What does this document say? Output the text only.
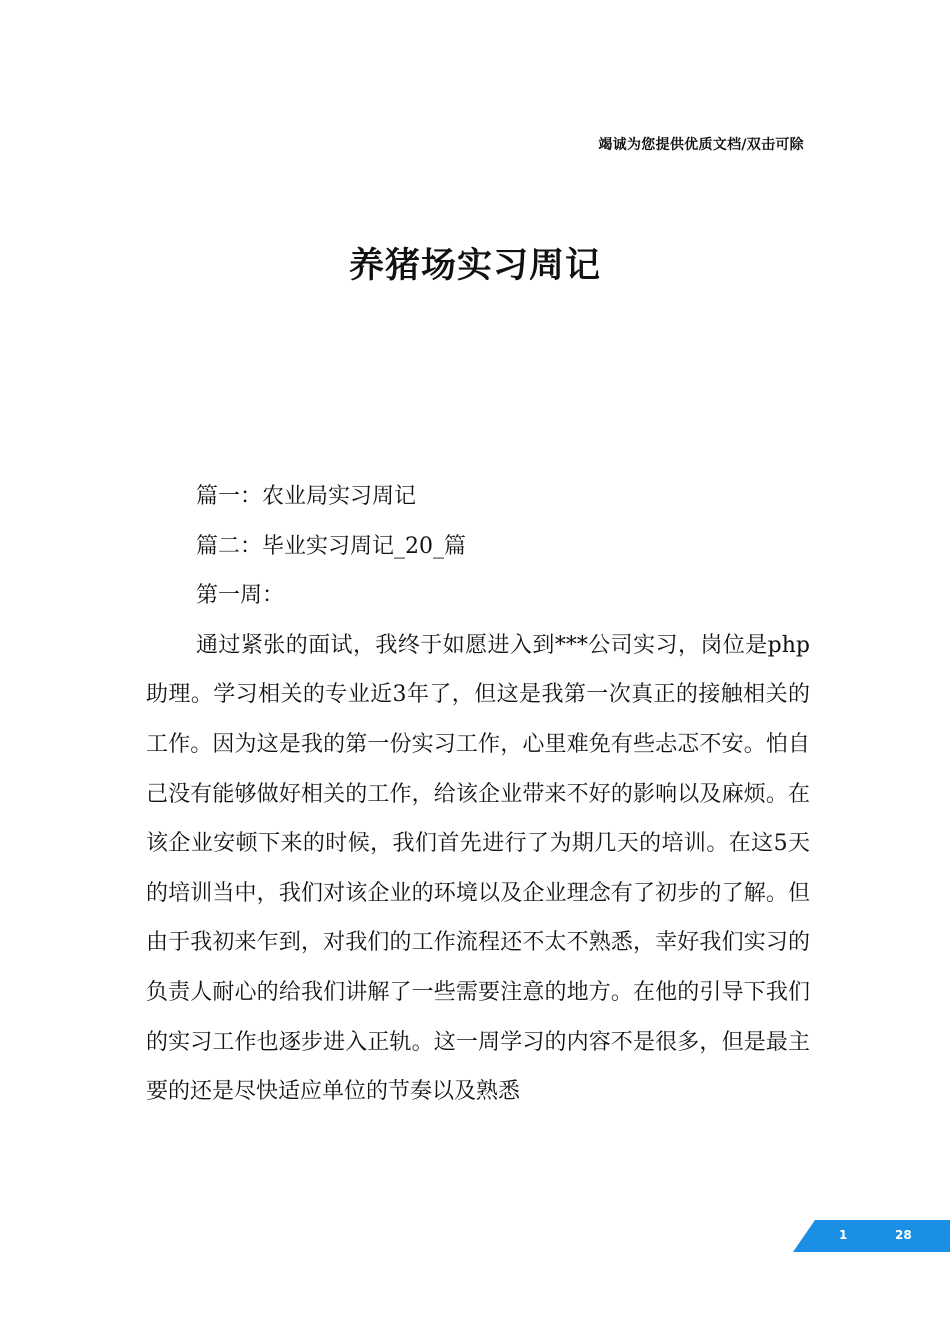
竭诚为您提供优质文档/双击可除
养猪场实习周记

篇一：农业局实习周记

篇二：毕业实习周记_20_篇

第一周：

通过紧张的面试，我终于如愿进入到***公司实习，岗位是php助理。学习相关的专业近3年了，但这是我第一次真正的接触相关的工作。因为这是我的第一份实习工作，心里难免有些忐忑不安。怕自己没有能够做好相关的工作，给该企业带来不好的影响以及麻烦。在该企业安顿下来的时候，我们首先进行了为期几天的培训。在这5天的培训当中，我们对该企业的环境以及企业理念有了初步的了解。但由于我初来乍到，对我们的工作流程还不太不熟悉，幸好我们实习的负责人耐心的给我们讲解了一些需要注意的地方。在他的引导下我们的实习工作也逐步进入正轨。这一周学习的内容不是很多，但是最主要的还是尽快适应单位的节奏以及熟悉

1	28
